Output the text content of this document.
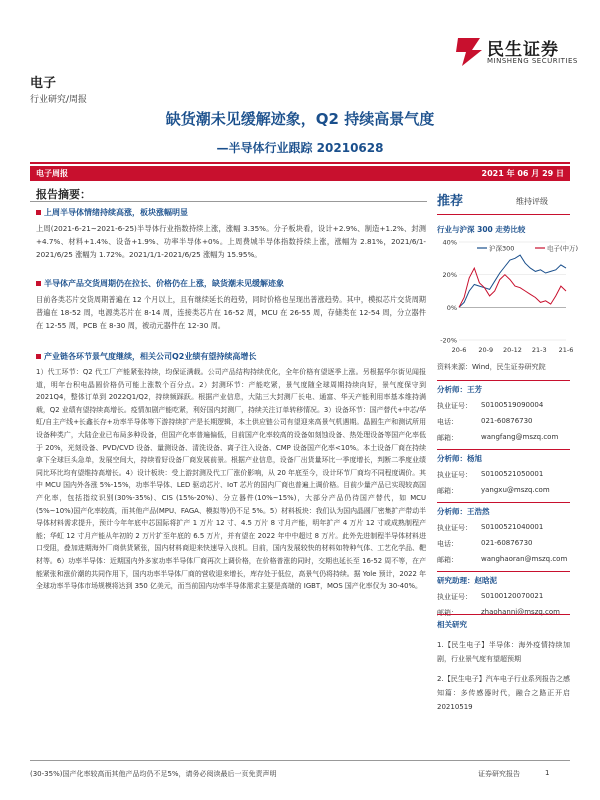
民生证券
MINSHENG SECURITIES
电子
行业研究/周报
缺货潮未见缓解迹象，Q2 持续高景气度
—半导体行业跟踪 20210628
电子周报	2021 年 06 月 29 日
报告摘要：
上周半导体情绪持续高涨，板块涨幅明显
上周(2021-6-21~2021-6-25)半导体行业指数持续上涨，涨幅 3.35%。分子板块看，设计+2.9%、制造+1.2%、封测+4.7%、材料+1.4%、设备+1.9%、功率半导体+0%。上周费城半导体指数持续上涨，涨幅为 2.81%，2021/6/1-2021/6/25 涨幅为 1.72%。2021/1/1-2021/6/25 涨幅为 15.95%。
半导体产品交货周期仍在拉长、价格仍在上涨，缺货潮未见缓解迹象
目前各类芯片交货周期普遍在 12 个月以上，且有继续延长的趋势，同时价格也呈现出普涨趋势。其中，模拟芯片交货周期普遍在 18-52 周，电源类芯片在 8-14 周，连接类芯片在 16-52 周，MCU 在 26-55 周，存储类在 12-54 周，分立器件在 12-55 周，PCB 在 8-30 周，被动元器件在 12-30 周。
产业链各环节景气度继续，相关公司Q2业绩有望持续高增长
1）代工环节：Q2 代工厂产能紧张持续，均保证满载。公司产品结构持续优化，全年价格有望逐季上涨。另根据华尔街见闻报道，明年台积电晶圆价格仍可能上涨数个百分点。2）封测环节：产能吃紧，景气度随全球周期持续向好，景气度保守到 2021Q4，整体订单到 2022Q1/Q2，持续频踩跃。根据产业信息，大陆三大封测厂长电、通富、华天产能利用率基本维持满载，Q2 业绩有望持续高增长。疫情加剧产能吃紧，利好国内封测厂，持续关注订单转移情况。3）设备环节：国产替代+中芯/华虹/自主产线+长鑫长存+功率半导体等下游持续扩产是长期逻辑，本土供应链公司有望迎来高景气机遇期。晶圆生产和测试所用设备种类广，大陆企业已布局多种设备，但国产化率普遍偏低，目前国产化率较高的设备如刻蚀设备、热处理设备等国产化率低于 20%，光刻设备、PVD/CVD 设备、量测设备、清洗设备、离子注入设备、CMP 设备国产化率<10%。本土设备厂商在持续拿下全球巨头急单，发展空间大，持续看好设备厂商发展前景。根据产业信息，设备厂出货量环比一季度增长，判断二季度业绩同比环比均有望维持高增长。4）设计板块：受上游封测及代工厂涨价影响，从 20 年底至今，设计环节厂商均不同程度调价。其中 MCU 国内外各涨 5%-15%，功率半导体、LED 驱动芯片、IoT 芯片的国内厂商也普遍上调价格。目前少量产品已实现较高国产化率，包括指纹识别(30%-35%)、CIS (15%-20%)、分立器件(10%~15%)，大部分产品仍待国产替代，如 MCU (5%~10%)国产化率较高，而其他产品(MPU、FAGA、模拟等)仍不足 5%。5）材料板块：我们认为国内晶圆厂密集扩产带动半导体材料需求提升，预计今年年底中芯国际将扩产 1 万片 12 寸、4.5 万片 8 寸月产能，明年扩产 4 万片 12 寸或成熟制程产能；华虹 12 寸月产能从年初的 2 万片扩至年底的 6.5 万片，并有望在 2022 年中中超过 8 万片。此外先进制程半导体材料进口受阻，叠加进期海外厂商供货紧张，国内材料商迎来快速导入良机。目前，国内发展较快的材料如特种气体、工艺化学品、靶材等。6）功率半导体：近期国内外多家功率半导体厂商再次上调价格，在价格普涨的同时，交期也延长至 16-52 周不等，在产能紧张和涨价潮的共同作用下，国内功率半导体厂商的营收迎来增长，库存处于低位，高景气仍将持续。据 Yole 预计，2022 年全球功率半导体市场规模将达到 350 亿美元，而当前国内功率半导体需求主要是高端的 IGBT，MOS 国产化率仅为 30-40%。
推荐	维持评级
行业与沪深 300 走势比较
40%
20%
0%
-20%
20-6 20-9 20-12 21-3 21-6
沪深300	电子(中万)
资料来源：Wind，民生证券研究院
分析师：王芳
执业证号：	S0100519090004
电话：	021-60876730
邮箱：	wangfang@mszq.com
分析师：杨旭
执业证号：	S0100521050001
邮箱：	yangxu@mszq.com
分析师：王浩然
执业证号：	S0100521040001
电话：	021-60876730
邮箱：	wanghaoran@mszq.com
研究助理：赵晗泥
执业证号：	S0100120070021
邮箱：	zhaohanni@mszq.com
相关研究
1.【民生电子】半导体：海外疫情持续加剧，行业景气度有望超预期
2.【民生电子】汽车电子行业系列报告之感知篇：多传感器时代，融合之路正开启 20210519
(30-35%)国产化率较高而其他产品均仍不足5%，请务必阅读最后一页免责声明	证券研究报告	1
